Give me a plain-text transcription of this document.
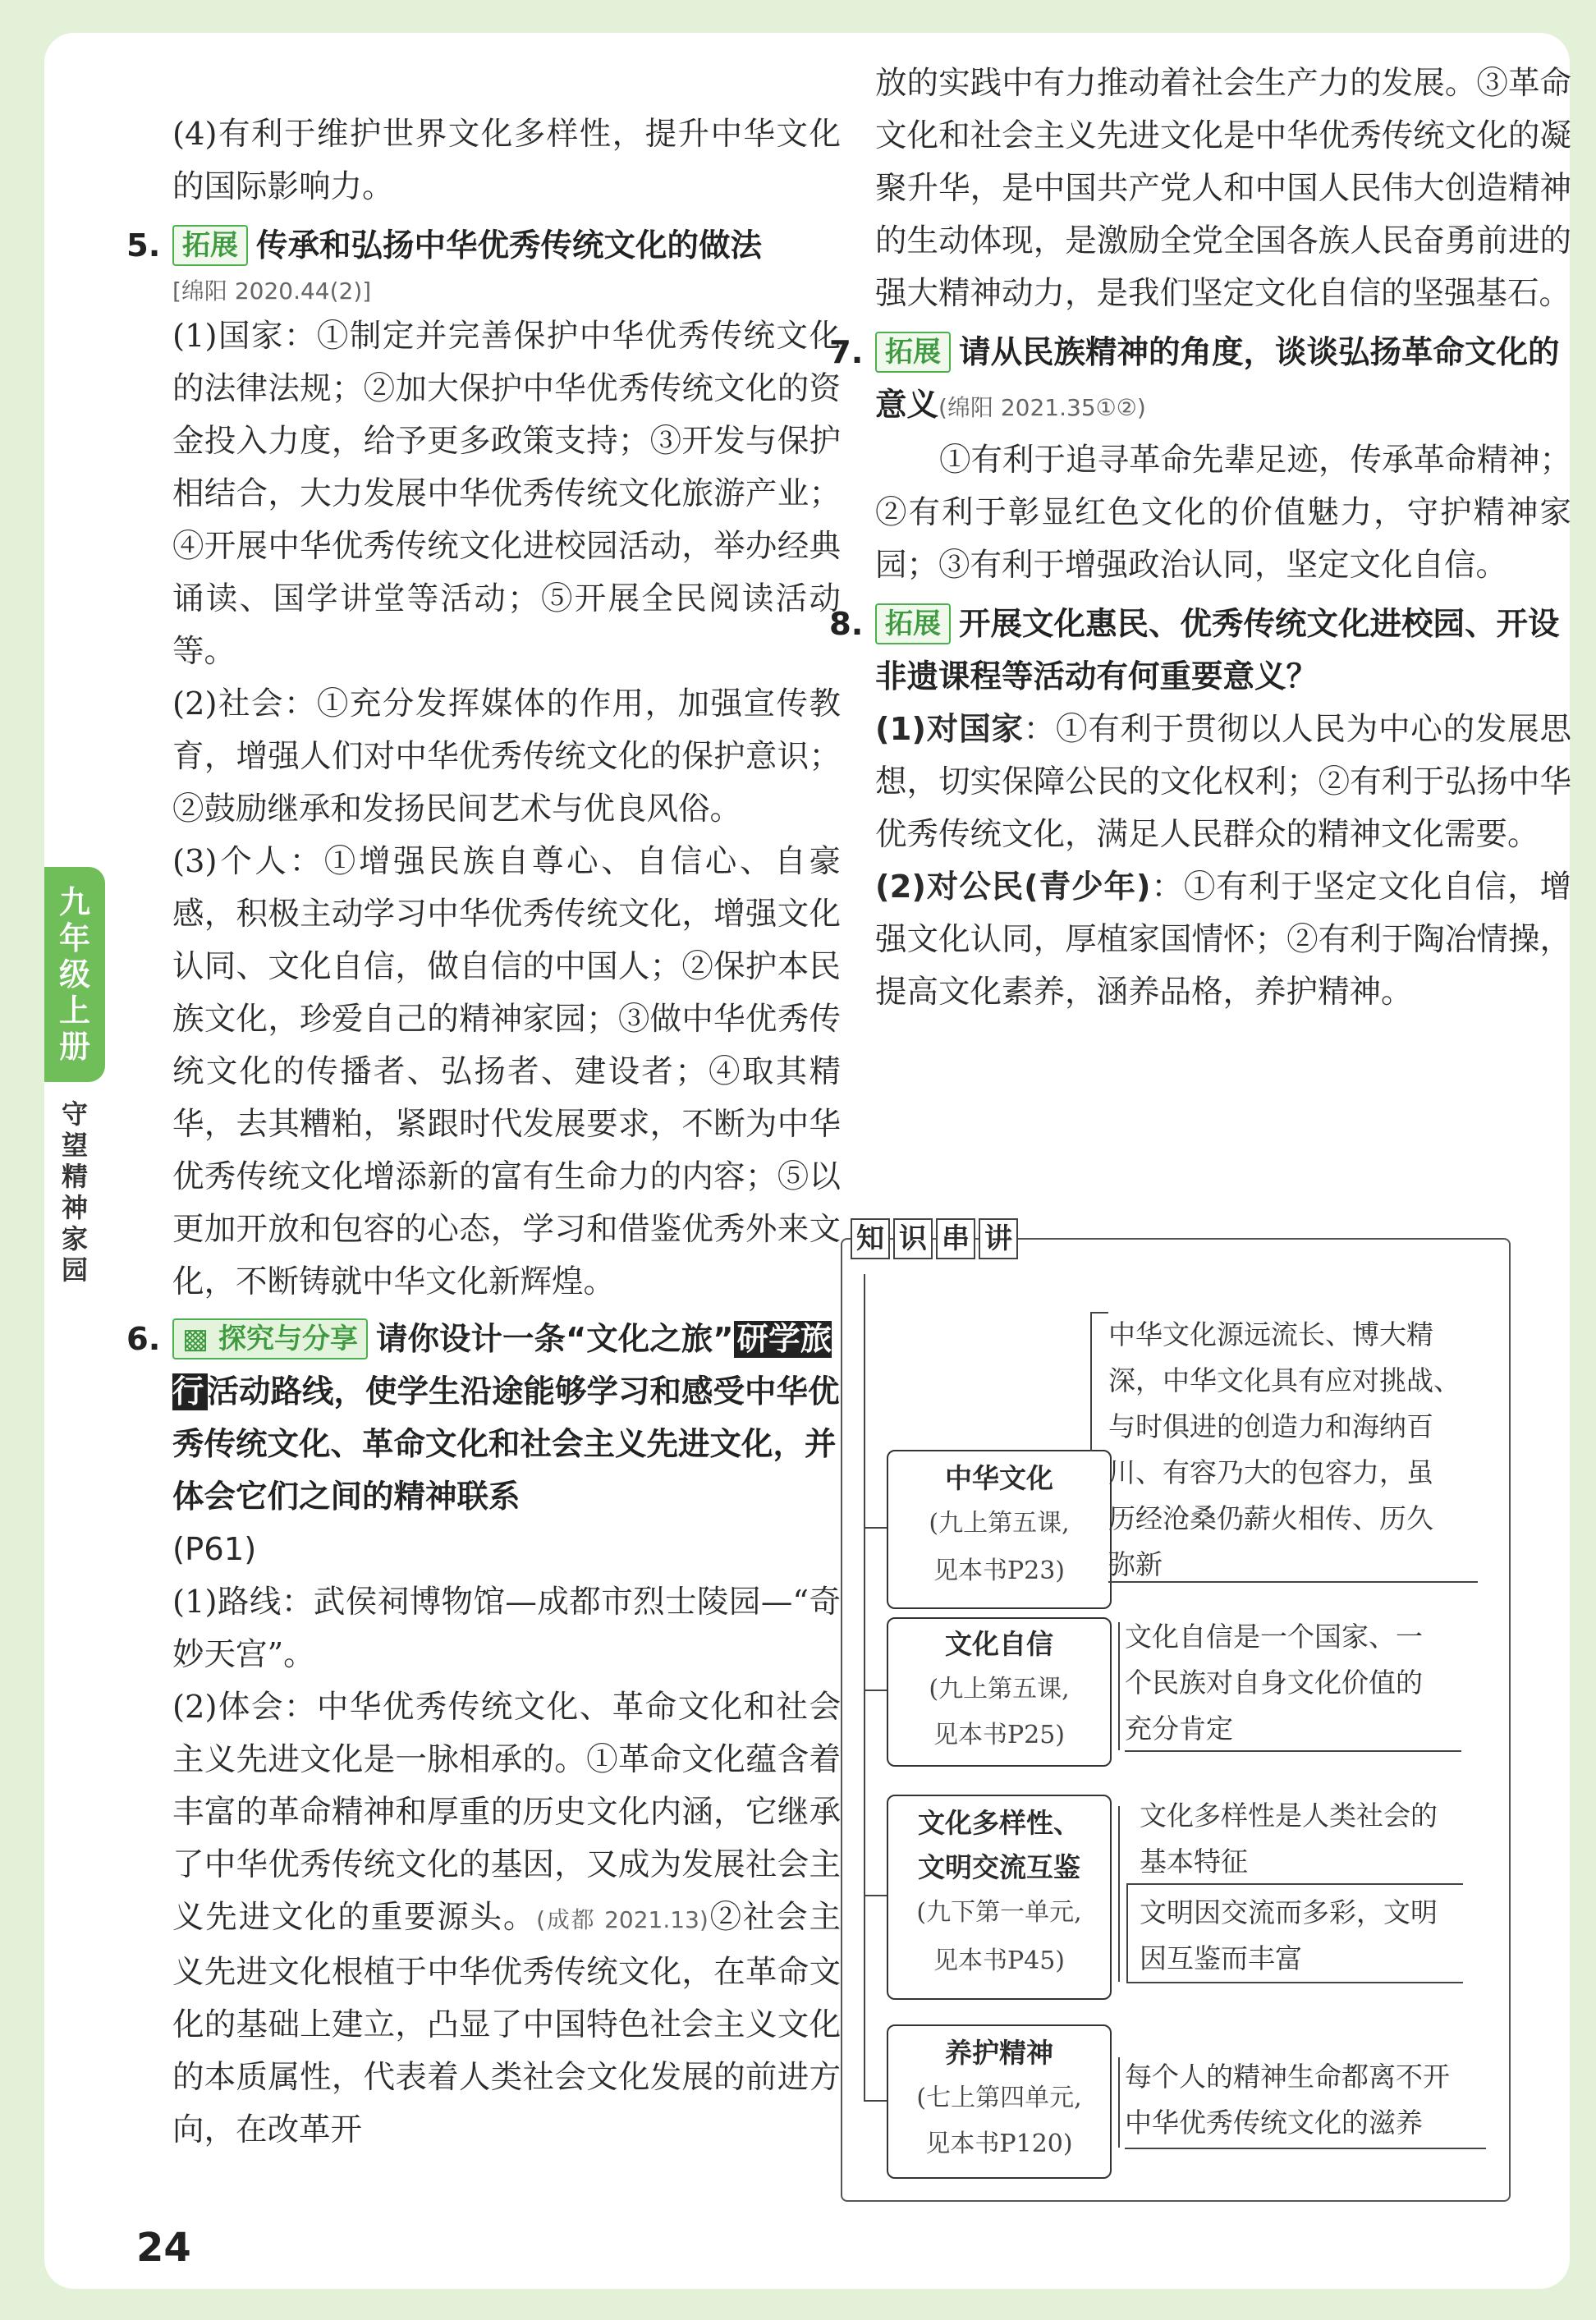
(4)有利于维护世界文化多样性，提升中华文化的国际影响力。

5. 拓展 传承和弘扬中华优秀传统文化的做法

[绵阳 2020.44(2)]

(1)国家：①制定并完善保护中华优秀传统文化的法律法规；②加大保护中华优秀传统文化的资金投入力度，给予更多政策支持；③开发与保护相结合，大力发展中华优秀传统文化旅游产业；④开展中华优秀传统文化进校园活动，举办经典诵读、国学讲堂等活动；⑤开展全民阅读活动等。

(2)社会：①充分发挥媒体的作用，加强宣传教育，增强人们对中华优秀传统文化的保护意识；②鼓励继承和发扬民间艺术与优良风俗。

(3)个人：①增强民族自尊心、自信心、自豪感，积极主动学习中华优秀传统文化，增强文化认同、文化自信，做自信的中国人；②保护本民族文化，珍爱自己的精神家园；③做中华优秀传统文化的传播者、弘扬者、建设者；④取其精华，去其糟粕，紧跟时代发展要求，不断为中华优秀传统文化增添新的富有生命力的内容；⑤以更加开放和包容的心态，学习和借鉴优秀外来文化，不断铸就中华文化新辉煌。

6. ▩ 探究与分享 请你设计一条“文化之旅” 研学旅行 活动路线，使学生沿途能够学习和感受中华优秀传统文化、革命文化和社会主义先进文化，并体会它们之间的精神联系

(P61)

(1)路线：武侯祠博物馆—成都市烈士陵园—“奇妙天宫”。

(2)体会：中华优秀传统文化、革命文化和社会主义先进文化是一脉相承的。①革命文化蕴含着丰富的革命精神和厚重的历史文化内涵，它继承了中华优秀传统文化的基因，又成为发展社会主义先进文化的重要源头。(成都 2021.13)②社会主义先进文化根植于中华优秀传统文化，在革命文化的基础上建立，凸显了中国特色社会主义文化的本质属性，代表着人类社会文化发展的前进方向，在改革开

放的实践中有力推动着社会生产力的发展。③革命文化和社会主义先进文化是中华优秀传统文化的凝聚升华，是中国共产党人和中国人民伟大创造精神的生动体现，是激励全党全国各族人民奋勇前进的强大精神动力，是我们坚定文化自信的坚强基石。

7. 拓展 请从民族精神的角度，谈谈弘扬革命文化的意义(绵阳 2021.35①②)

①有利于追寻革命先辈足迹，传承革命精神；②有利于彰显红色文化的价值魅力，守护精神家园；③有利于增强政治认同，坚定文化自信。

8. 拓展 开展文化惠民、优秀传统文化进校园、开设非遗课程等活动有何重要意义？

(1)对国家：①有利于贯彻以人民为中心的发展思想，切实保障公民的文化权利；②有利于弘扬中华优秀传统文化，满足人民群众的精神文化需要。

(2)对公民(青少年)：①有利于坚定文化自信，增强文化认同，厚植家国情怀；②有利于陶冶情操，提高文化素养，涵养品格，养护精神。

九
年
级
上
册
守
望
精
神
家
园
24
知 识 串 讲
中华文化
(九上第五课,
见本书P23)
中华文化源远流长、博大精
深，中华文化具有应对挑战、
与时俱进的创造力和海纳百
川、有容乃大的包容力，虽
历经沧桑仍薪火相传、历久
弥新
文化自信
(九上第五课,
见本书P25)
文化自信是一个国家、一
个民族对自身文化价值的
充分肯定
文化多样性、
文明交流互鉴
(九下第一单元,
见本书P45)
文化多样性是人类社会的
基本特征
文明因交流而多彩，文明
因互鉴而丰富
养护精神
(七上第四单元,
见本书P120)
每个人的精神生命都离不开
中华优秀传统文化的滋养
